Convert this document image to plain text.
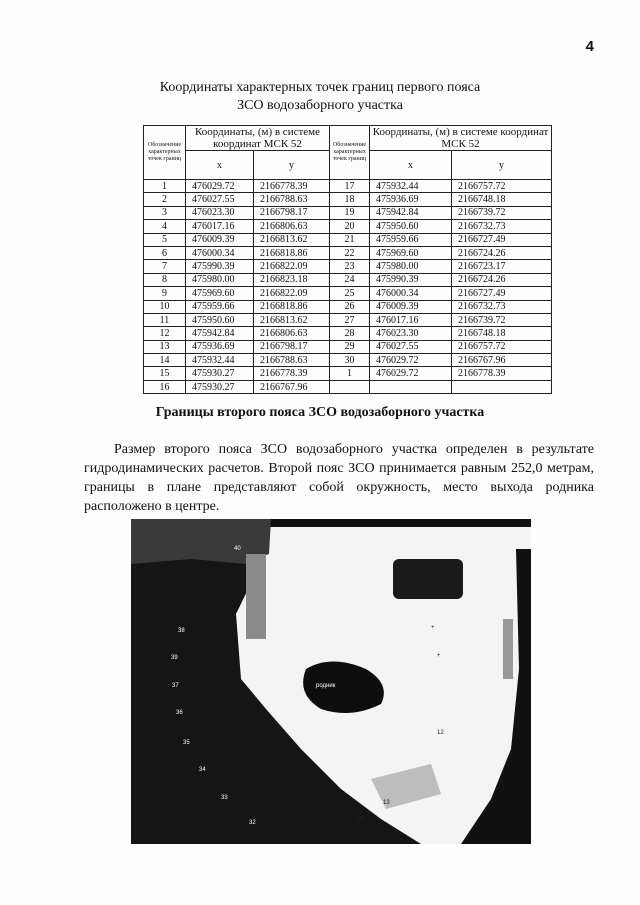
4
Координаты характерных точек границ первого пояса
ЗСО водозаборного участка
Обозначение характерных точек границ	Координаты, (м) в системе координат МСК 52		Обозначение характерных точек границ	Координаты, (м) в системе координат МСК 52	
	x	y		x	y
1	476029.72	2166778.39	17	475932.44	2166757.72
2	476027.55	2166788.63	18	475936.69	2166748.18
3	476023.30	2166798.17	19	475942.84	2166739.72
4	476017.16	2166806.63	20	475950.60	2166732.73
5	476009.39	2166813.62	21	475959.66	2166727.49
6	476000.34	2166818.86	22	475969.60	2166724.26
7	475990.39	2166822.09	23	475980.00	2166723.17
8	475980.00	2166823.18	24	475990.39	2166724.26
9	475969.60	2166822.09	25	476000.34	2166727.49
10	475959.66	2166818.86	26	476009.39	2166732.73
11	475950.60	2166813.62	27	476017.16	2166739.72
12	475942.84	2166806.63	28	476023.30	2166748.18
13	475936.69	2166798.17	29	476027.55	2166757.72
14	475932.44	2166788.63	30	476029.72	2166767.96
15	475930.27	2166778.39	1	476029.72	2166778.39
16	475930.27	2166767.96			
Границы второго пояса ЗСО водозаборного участка
Размер второго пояса ЗСО водозаборного участка определен в результате гидродинамических расчетов. Второй пояс ЗСО принимается равным 252,0 метрам, границы в плане представляют собой окружность, место выхода родника расположено в центре.
40
38
39
37
36
35
34
33
32
12
13
14
родник
+
+
